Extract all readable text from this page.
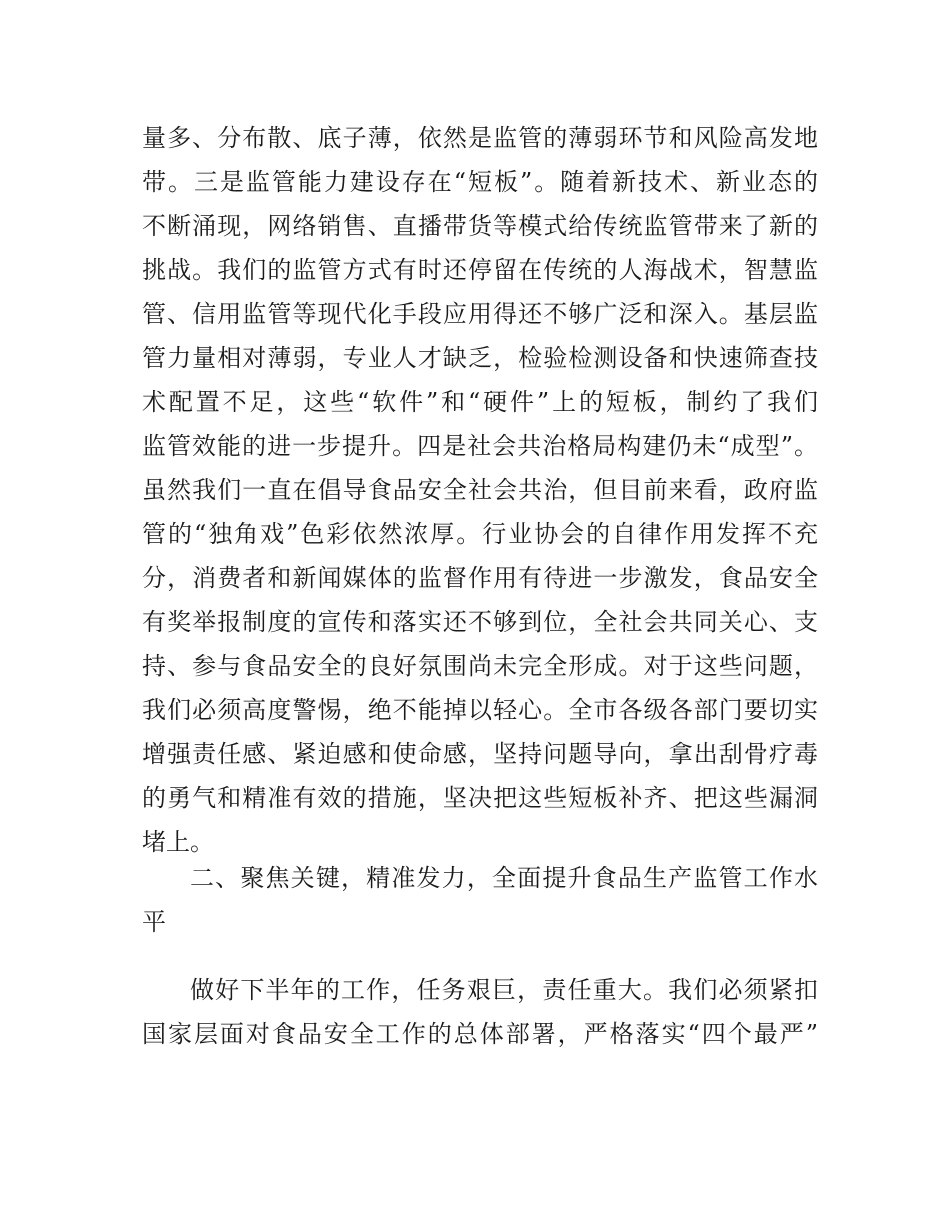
量多、分布散、底子薄，依然是监管的薄弱环节和风险高发地
带。三是监管能力建设存在“短板”。随着新技术、新业态的
不断涌现，网络销售、直播带货等模式给传统监管带来了新的
挑战。我们的监管方式有时还停留在传统的人海战术，智慧监
管、信用监管等现代化手段应用得还不够广泛和深入。基层监
管力量相对薄弱，专业人才缺乏，检验检测设备和快速筛查技
术配置不足，这些“软件”和“硬件”上的短板，制约了我们
监管效能的进一步提升。四是社会共治格局构建仍未“成型”。
虽然我们一直在倡导食品安全社会共治，但目前来看，政府监
管的“独角戏”色彩依然浓厚。行业协会的自律作用发挥不充
分，消费者和新闻媒体的监督作用有待进一步激发，食品安全
有奖举报制度的宣传和落实还不够到位，全社会共同关心、支
持、参与食品安全的良好氛围尚未完全形成。对于这些问题，
我们必须高度警惕，绝不能掉以轻心。全市各级各部门要切实
增强责任感、紧迫感和使命感，坚持问题导向，拿出刮骨疗毒
的勇气和精准有效的措施，坚决把这些短板补齐、把这些漏洞
堵上。
二、聚焦关键，精准发力，全面提升食品生产监管工作水
平
做好下半年的工作，任务艰巨，责任重大。我们必须紧扣
国家层面对食品安全工作的总体部署，严格落实“四个最严”
